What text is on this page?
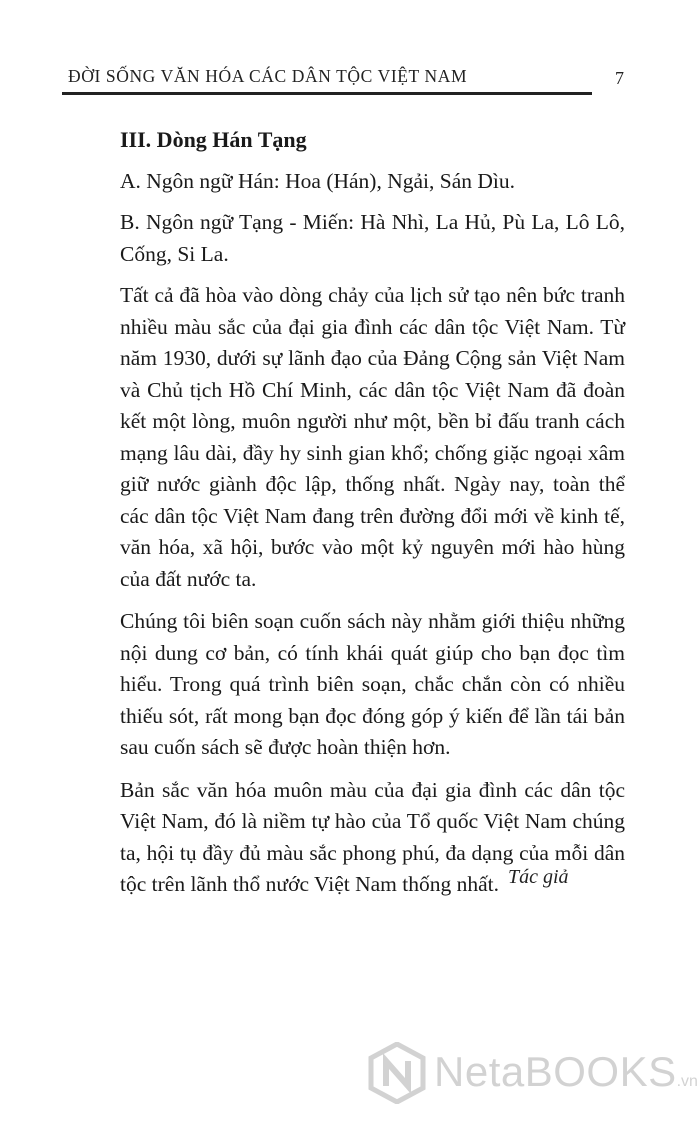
ĐỜI SỐNG VĂN HÓA CÁC DÂN TỘC VIỆT NAM	7
III. Dòng Hán Tạng
A. Ngôn ngữ Hán: Hoa (Hán), Ngải, Sán Dìu.
B. Ngôn ngữ Tạng - Miến: Hà Nhì, La Hủ, Pù La, Lô Lô, Cống, Si La.
Tất cả đã hòa vào dòng chảy của lịch sử tạo nên bức tranh nhiều màu sắc của đại gia đình các dân tộc Việt Nam. Từ năm 1930, dưới sự lãnh đạo của Đảng Cộng sản Việt Nam và Chủ tịch Hồ Chí Minh, các dân tộc Việt Nam đã đoàn kết một lòng, muôn người như một, bền bỉ đấu tranh cách mạng lâu dài, đầy hy sinh gian khổ; chống giặc ngoại xâm giữ nước giành độc lập, thống nhất. Ngày nay, toàn thể các dân tộc Việt Nam đang trên đường đổi mới về kinh tế, văn hóa, xã hội, bước vào một kỷ nguyên mới hào hùng của đất nước ta.
Chúng tôi biên soạn cuốn sách này nhằm giới thiệu những nội dung cơ bản, có tính khái quát giúp cho bạn đọc tìm hiểu. Trong quá trình biên soạn, chắc chắn còn có nhiều thiếu sót, rất mong bạn đọc đóng góp ý kiến để lần tái bản sau cuốn sách sẽ được hoàn thiện hơn.
Bản sắc văn hóa muôn màu của đại gia đình các dân tộc Việt Nam, đó là niềm tự hào của Tổ quốc Việt Nam chúng ta, hội tụ đầy đủ màu sắc phong phú, đa dạng của mỗi dân tộc trên lãnh thổ nước Việt Nam thống nhất. Tác giả
NetaBOOKS.vn
